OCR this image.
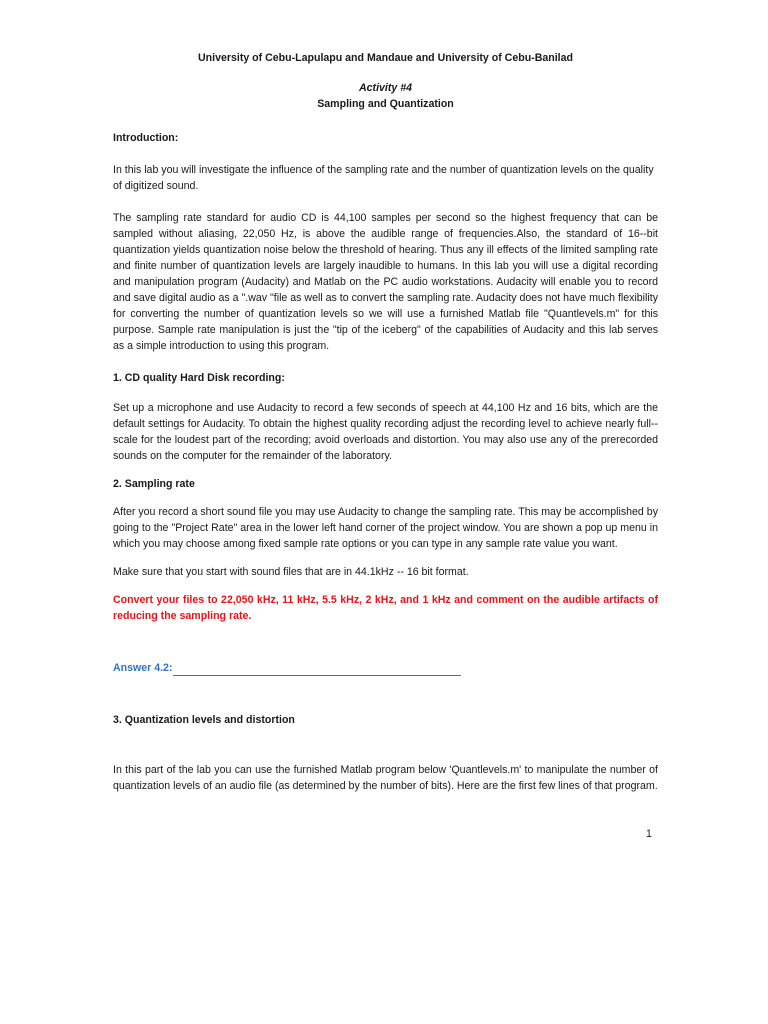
University of Cebu-Lapulapu and Mandaue and University of Cebu-Banilad

Activity #4

Sampling and Quantization

Introduction:

In this lab you will investigate the influence of the sampling rate and the number of quantization levels on the quality of digitized sound.

The sampling rate standard for audio CD is 44,100 samples per second so the highest frequency that can be sampled without aliasing, 22,050 Hz, is above the audible range of frequencies.Also, the standard of 16--bit quantization yields quantization noise below the threshold of hearing. Thus any ill effects of the limited sampling rate and finite number of quantization levels are largely inaudible to humans. In this lab you will use a digital recording and manipulation program (Audacity) and Matlab on the PC audio workstations. Audacity will enable you to record and save digital audio as a ".wav "file as well as to convert the sampling rate. Audacity does not have much flexibility for converting the number of quantization levels so we will use a furnished Matlab file "Quantlevels.m" for this purpose. Sample rate manipulation is just the "tip of the iceberg" of the capabilities of Audacity and this lab serves as a simple introduction to using this program.

1. CD quality Hard Disk recording:

Set up a microphone and use Audacity to record a few seconds of speech at 44,100 Hz and 16 bits, which are the default settings for Audacity. To obtain the highest quality recording adjust the recording level to achieve nearly full--scale for the loudest part of the recording; avoid overloads and distortion. You may also use any of the prerecorded sounds on the computer for the remainder of the laboratory.

2. Sampling rate

After you record a short sound file you may use Audacity to change the sampling rate. This may be accomplished by going to the "Project Rate" area in the lower left hand corner of the project window. You are shown a pop up menu in which you may choose among fixed sample rate options or you can type in any sample rate value you want.

Make sure that you start with sound files that are in 44.1kHz -- 16 bit format.

Convert your files to 22,050 kHz, 11 kHz, 5.5 kHz, 2 kHz, and 1 kHz and comment on the audible artifacts of reducing the sampling rate.

Answer 4.2:

3. Quantization levels and distortion

In this part of the lab you can use the furnished Matlab program below 'Quantlevels.m' to manipulate the number of quantization levels of an audio file (as determined by the number of bits). Here are the first few lines of that program.

1
